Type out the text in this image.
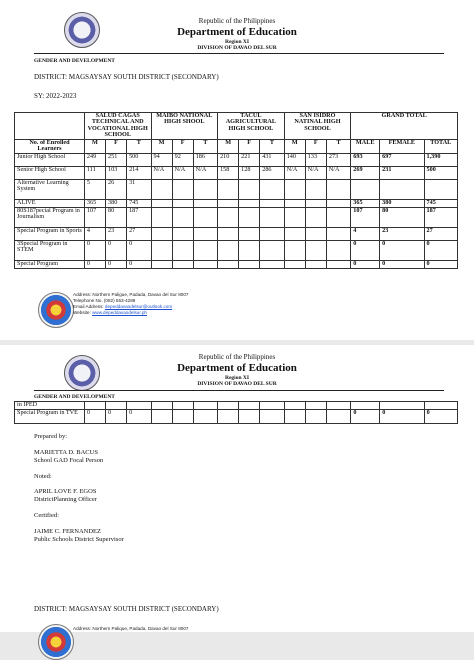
Republic of the Philippines
Department of Education
Region XI
DIVISION OF DAVAO DEL SUR
GENDER AND DEVELOPMENT
DISTRICT: MAGSAYSAY SOUTH DISTRICT (SECONDARY)
SY: 2022-2023
	SALUD CAGAS TECHNICAL AND VOCATIONAL HIGH SCHOOL			MAIBO NATIONAL HIGH SHOOL			TACUL AGRICULTURAL HIGH SCHOOL			SAN ISIDRO NATINAL HIGH SCHOOL			GRAND TOTAL		
No. of Enrolled Learners	M	F	T	M	F	T	M	F	T	M	F	T	MALE	FEMALE	TOTAL
Junior High School	249	251	500	94	92	186	210	221	431	140	133	273	693	697	1,390
Senior High School	111	103	214	N/A	N/A	N/A	158	128	286	N/A	N/A	N/A	269	231	500
Alternative Learning System	5	26	31												
ALIVE	365	380	745										365	380	745
80S187pecial Program in Journalism	107	80	187										107	80	187
Special Program in Sports	4	23	27										4	23	27
3Special Program in STEM	0	0	0										0	0	0
Special Program	0	0	0										0	0	0
Address: Northern Paligue, Padada, Davao del Sur 8007
Telephone No. (082) 553-4288
Email Address: depeddavaodelsur@outlook.com
Website: www.depeddavaodelsur.ph
Republic of the Philippines
Department of Education
Region XI
DIVISION OF DAVAO DEL SUR
GENDER AND DEVELOPMENT
in IPED															
Special Program in TVE	0	0	0										0	0	0
Prepared by:
MARIETTA D. BACUS
School GAD Focal Person
Noted:
APRIL LOVE F. EGOS
DistrictPlanning Officer
Certified:
JAIME C. FERNANDEZ
Public Schools District Supervisor
DISTRICT: MAGSAYSAY SOUTH DISTRICT (SECONDARY)
Address: Northern Palique, Padada, Davao del Sur 8007
